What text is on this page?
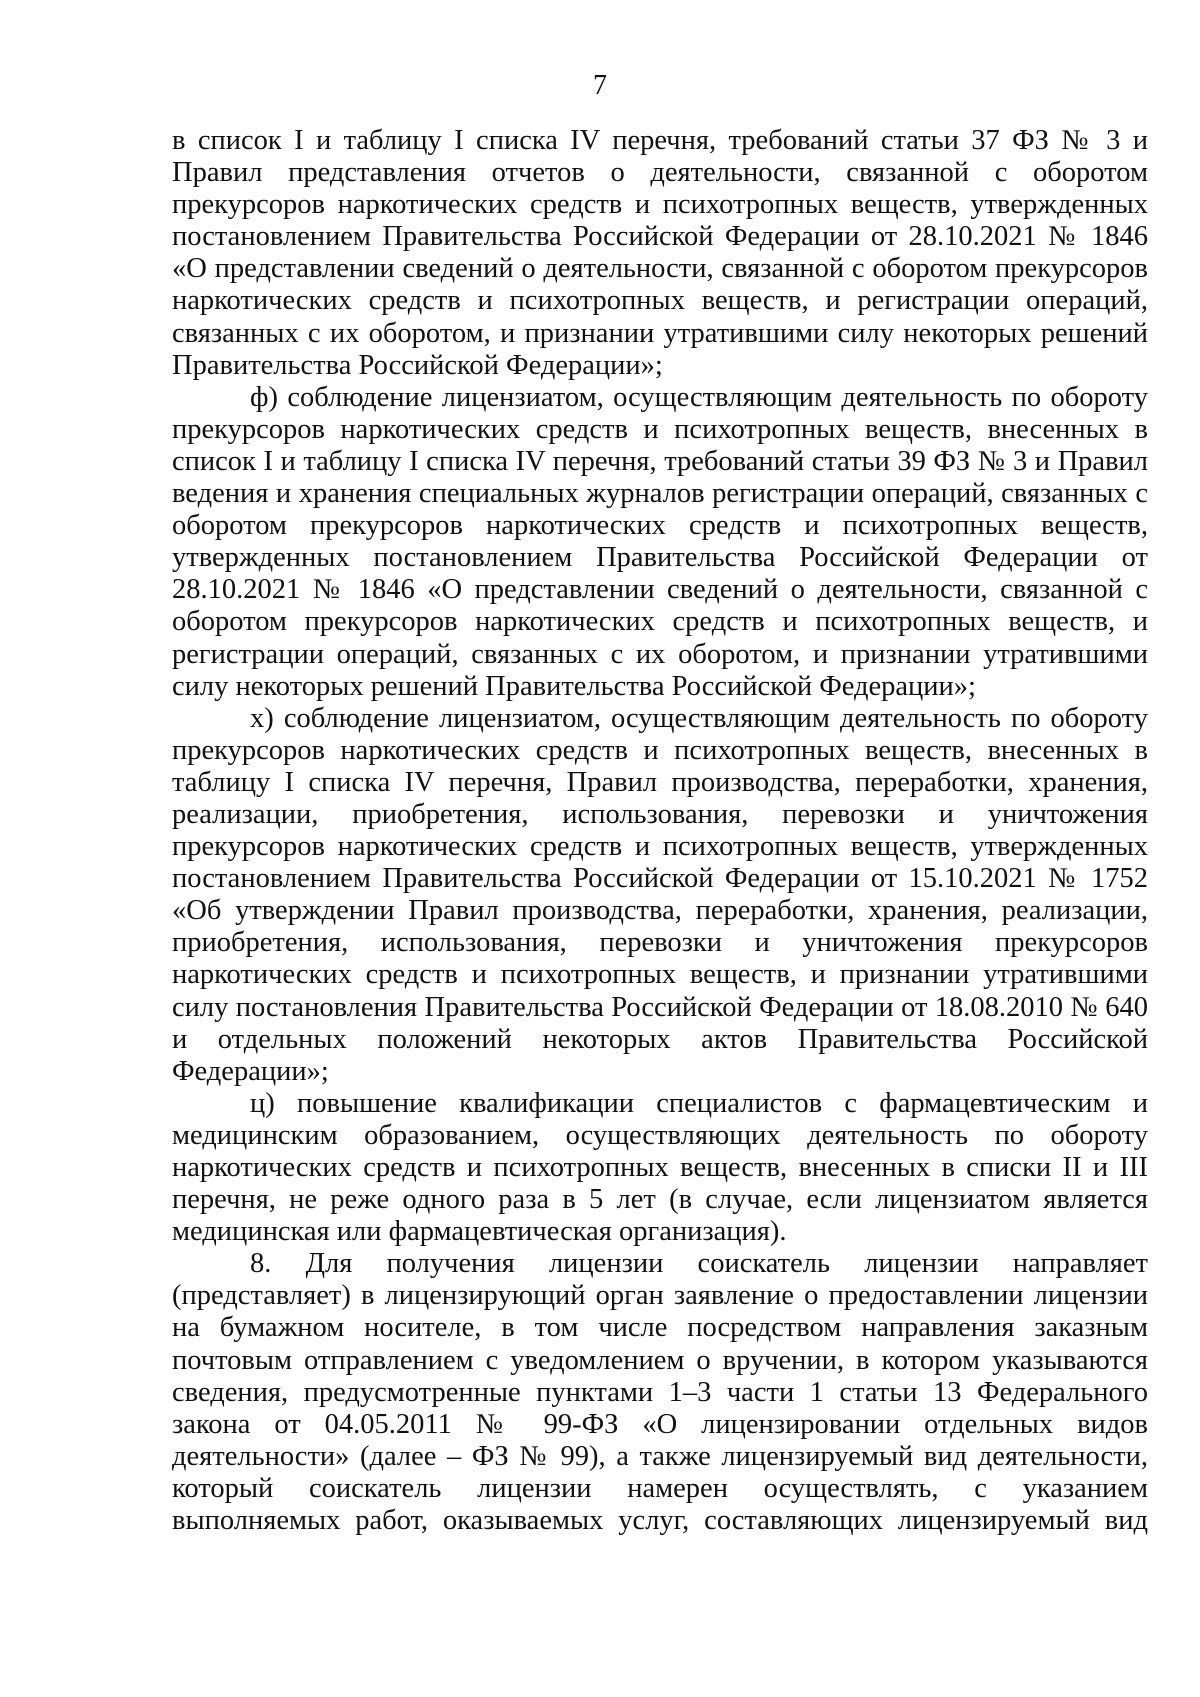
7

в список I и таблицу I списка IV перечня, требований статьи 37 ФЗ № 3 и Правил представления отчетов о деятельности, связанной с оборотом прекурсоров наркотических средств и психотропных веществ, утвержденных постановлением Правительства Российской Федерации от 28.10.2021 № 1846 «О представлении сведений о деятельности, связанной с оборотом прекурсоров наркотических средств и психотропных веществ, и регистрации операций, связанных с их оборотом, и признании утратившими силу некоторых решений Правительства Российской Федерации»;

ф) соблюдение лицензиатом, осуществляющим деятельность по обороту прекурсоров наркотических средств и психотропных веществ, внесенных в список I и таблицу I списка IV перечня, требований статьи 39 ФЗ № 3 и Правил ведения и хранения специальных журналов регистрации операций, связанных с оборотом прекурсоров наркотических средств и психотропных веществ, утвержденных постановлением Правительства Российской Федерации от 28.10.2021 № 1846 «О представлении сведений о деятельности, связанной с оборотом прекурсоров наркотических средств и психотропных веществ, и регистрации операций, связанных с их оборотом, и признании утратившими силу некоторых решений Правительства Российской Федерации»;

х) соблюдение лицензиатом, осуществляющим деятельность по обороту прекурсоров наркотических средств и психотропных веществ, внесенных в таблицу I списка IV перечня, Правил производства, переработки, хранения, реализации, приобретения, использования, перевозки и уничтожения прекурсоров наркотических средств и психотропных веществ, утвержденных постановлением Правительства Российской Федерации от 15.10.2021 № 1752 «Об утверждении Правил производства, переработки, хранения, реализации, приобретения, использования, перевозки и уничтожения прекурсоров наркотических средств и психотропных веществ, и признании утратившими силу постановления Правительства Российской Федерации от 18.08.2010 № 640 и отдельных положений некоторых актов Правительства Российской Федерации»;

ц) повышение квалификации специалистов с фармацевтическим и медицинским образованием, осуществляющих деятельность по обороту наркотических средств и психотропных веществ, внесенных в списки II и III перечня, не реже одного раза в 5 лет (в случае, если лицензиатом является медицинская или фармацевтическая организация).

8. Для получения лицензии соискатель лицензии направляет (представляет) в лицензирующий орган заявление о предоставлении лицензии на бумажном носителе, в том числе посредством направления заказным почтовым отправлением с уведомлением о вручении, в котором указываются сведения, предусмотренные пунктами 1–3 части 1 статьи 13 Федерального закона от 04.05.2011 № 99-ФЗ «О лицензировании отдельных видов деятельности» (далее – ФЗ № 99), а также лицензируемый вид деятельности, который соискатель лицензии намерен осуществлять, с указанием выполняемых работ, оказываемых услуг, составляющих лицензируемый вид
